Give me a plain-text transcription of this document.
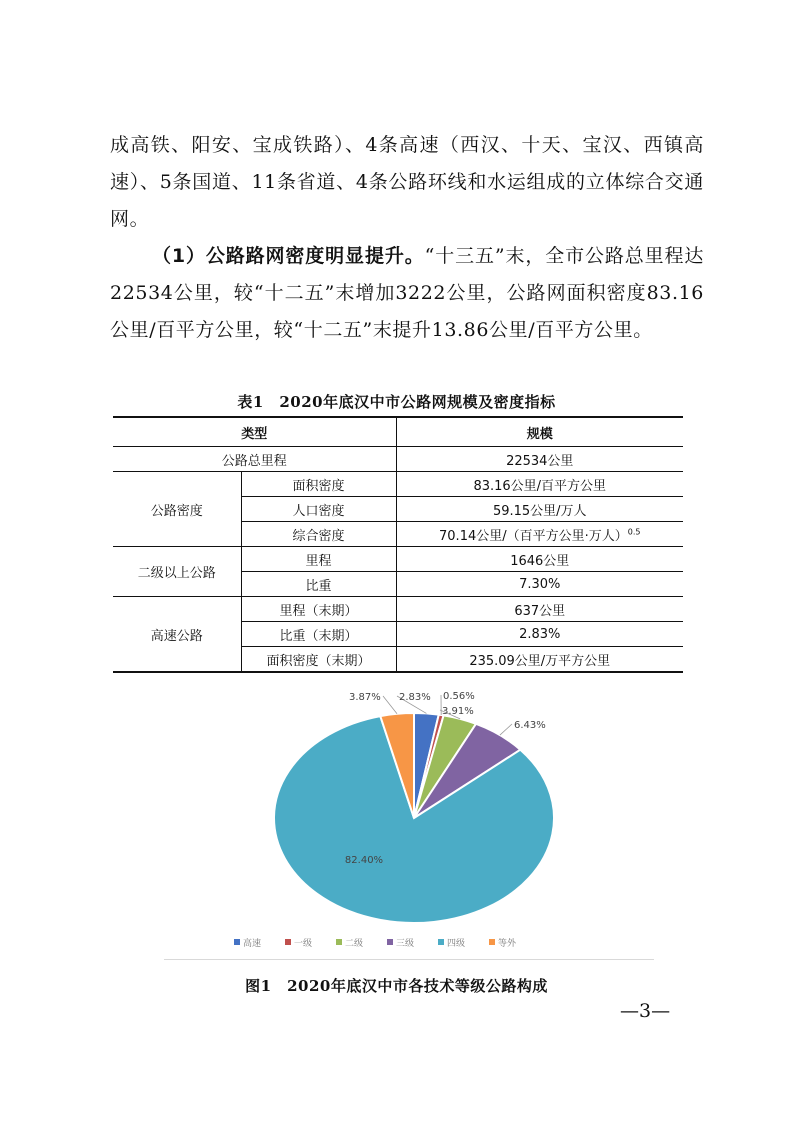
成高铁、阳安、宝成铁路）、4条高速（西汉、十天、宝汉、西镇高速）、5条国道、11条省道、4条公路环线和水运组成的立体综合交通网。

（1）公路路网密度明显提升。“十三五”末，全市公路总里程达22534公里，较“十二五”末增加3222公里，公路网面积密度83.16公里/百平方公里，较“十二五”末提升13.86公里/百平方公里。

表1　2020年底汉中市公路网规模及密度指标
类型		规模
公路总里程		22534公里
公路密度	面积密度	83.16公里/百平方公里
	人口密度	59.15公里/万人
	综合密度	70.14公里/（百平方公里·万人）$^{0.5}$
二级以上公路	里程	1646公里
	比重	7.30%
高速公路	里程（末期）	637公里
	比重（末期）	2.83%
	面积密度（末期）	235.09公里/万平方公里
2.83% 0.56%
3.91%
6.43%
82.40%
3.87%
高速	一级	二级	三级	四级	等外
图1　2020年底汉中市各技术等级公路构成
—3—
